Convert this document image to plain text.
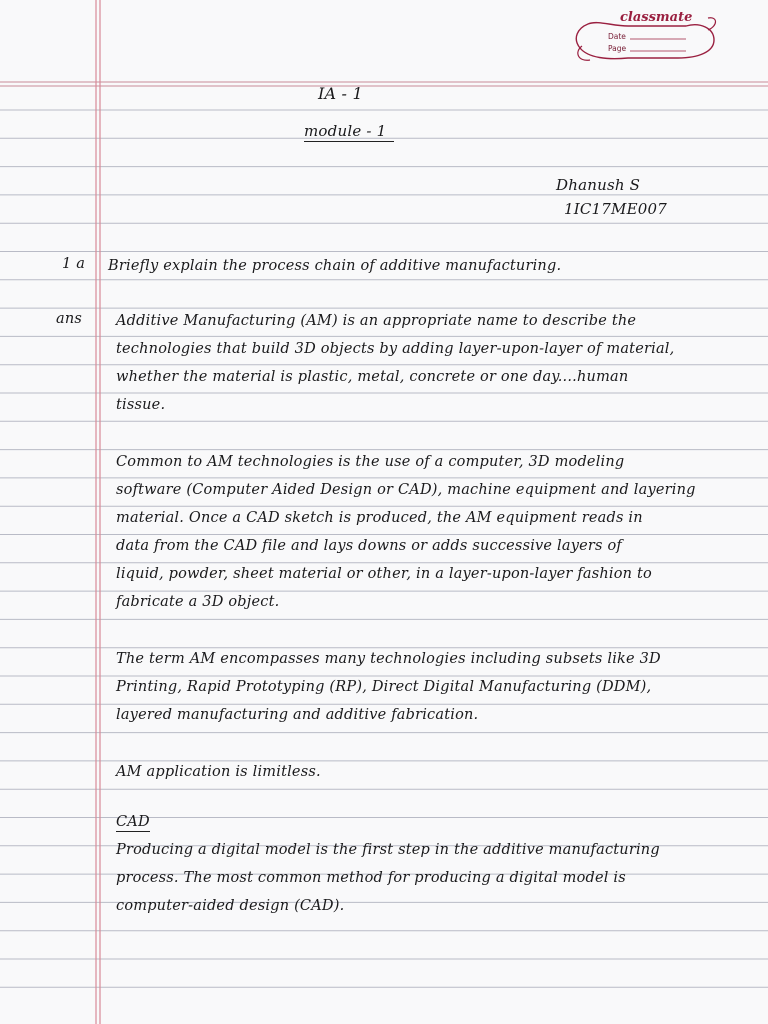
classmate
Date
Page
IA - 1
module - 1
Dhanush S
1IC17ME007
1 a Briefly explain the process chain of additive manufacturing.
ans Additive Manufacturing (AM) is an appropriate name to describe the
technologies that build 3D objects by adding layer-upon-layer of material,
whether the material is plastic, metal, concrete or one day....human
tissue.
Common to AM technologies is the use of a computer, 3D modeling
software (Computer Aided Design or CAD), machine equipment and layering
material. Once a CAD sketch is produced, the AM equipment reads in
data from the CAD file and lays downs or adds successive layers of
liquid, powder, sheet material or other, in a layer-upon-layer fashion to
fabricate a 3D object.
The term AM encompasses many technologies including subsets like 3D
Printing, Rapid Prototyping (RP), Direct Digital Manufacturing (DDM),
layered manufacturing and additive fabrication.
AM application is limitless.
CAD
Producing a digital model is the first step in the additive manufacturing
process. The most common method for producing a digital model is
computer-aided design (CAD).
